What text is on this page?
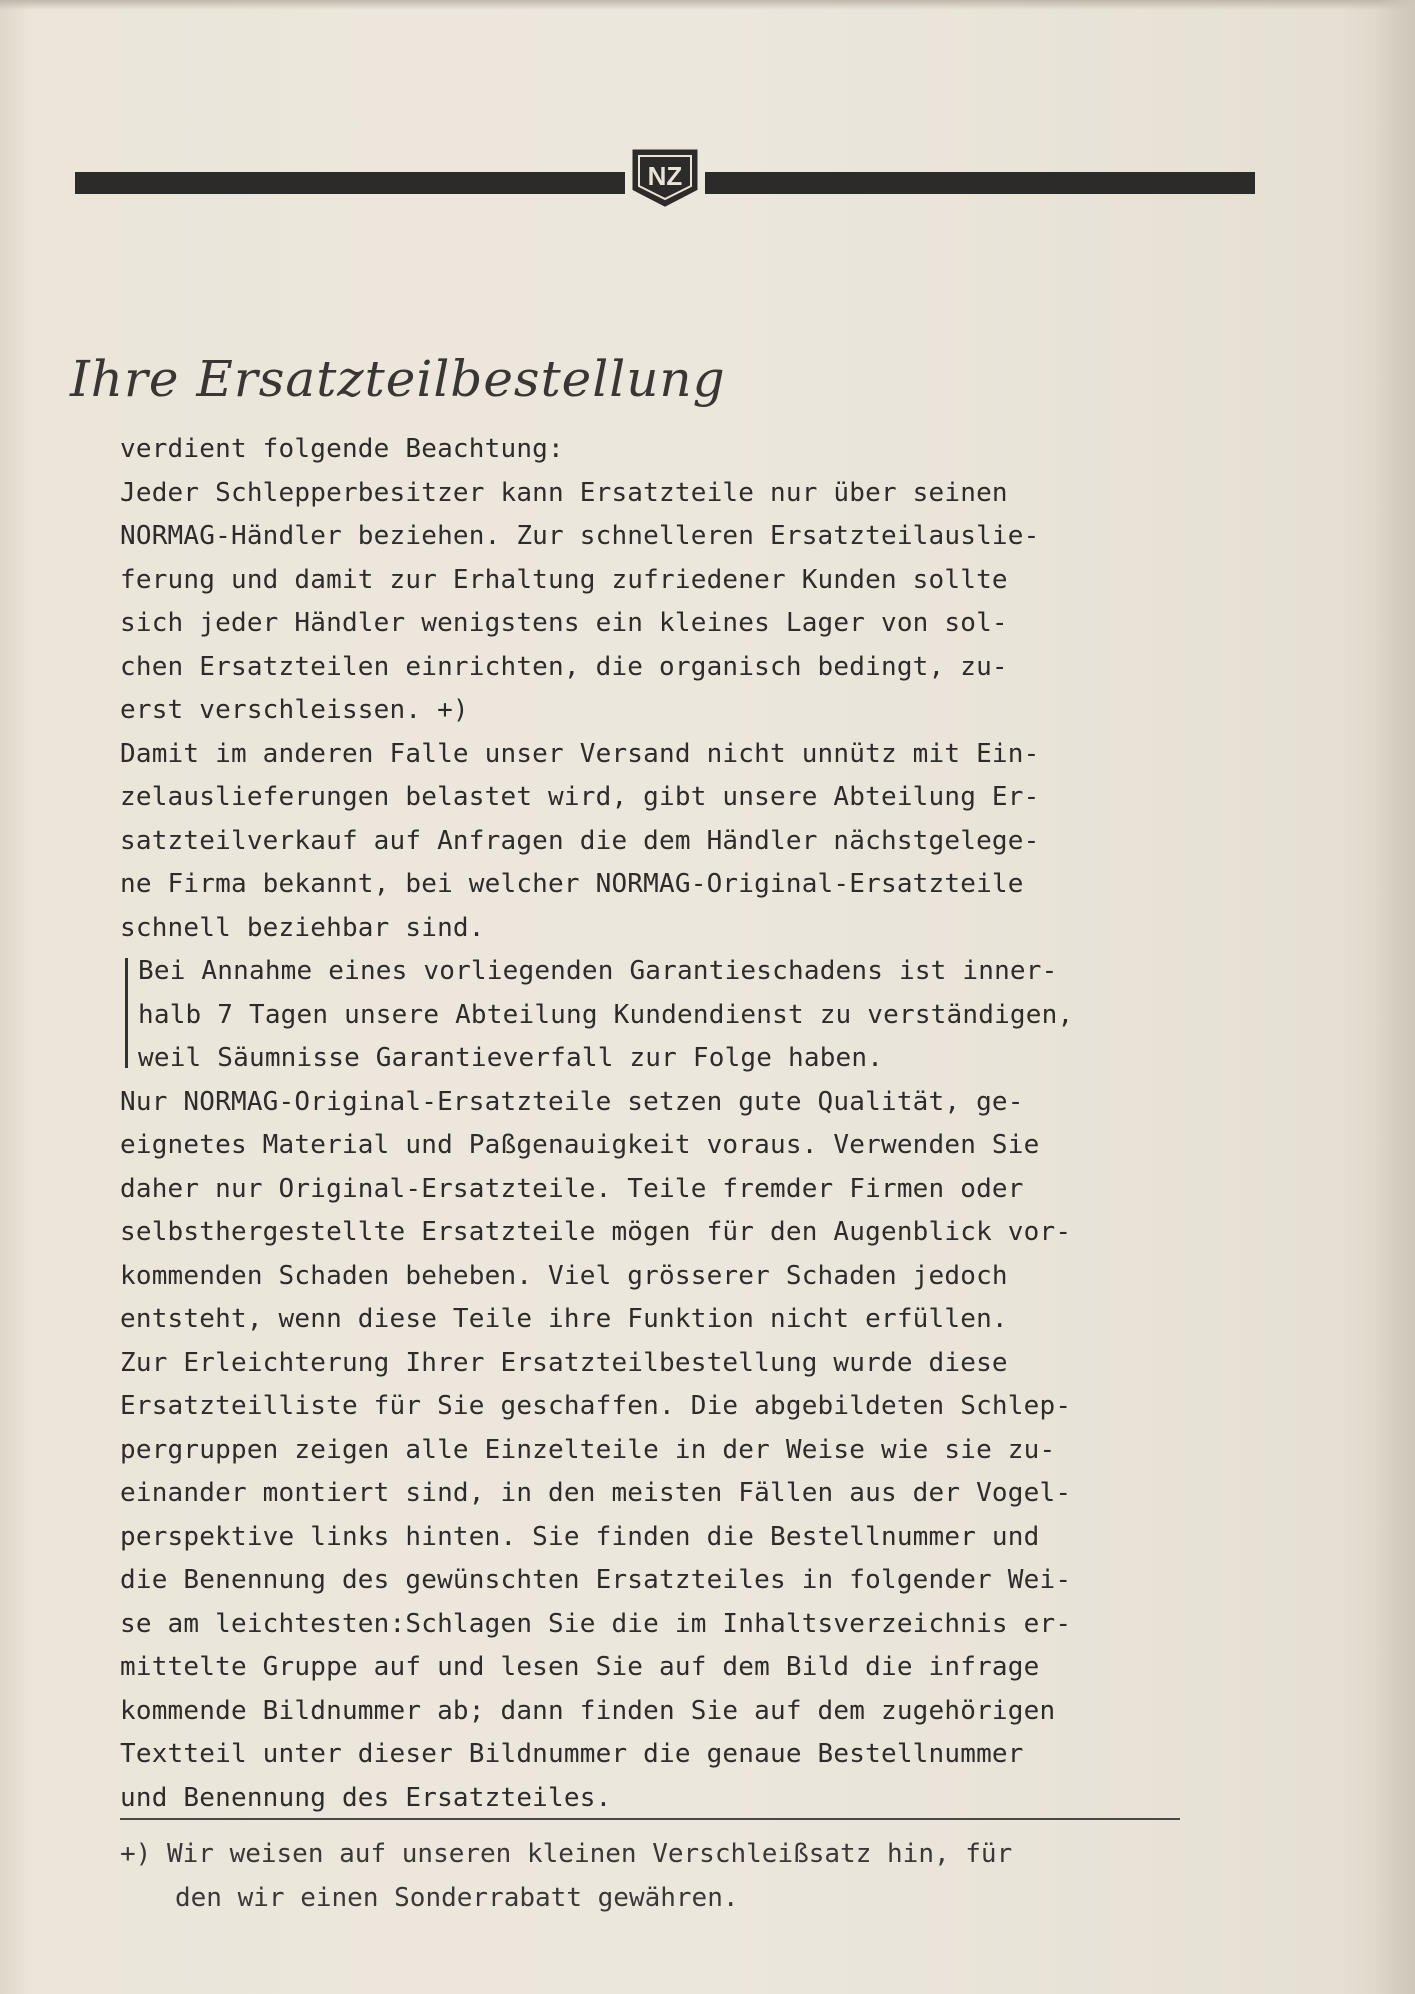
NZ
Ihre Ersatzteilbestellung
verdient folgende Beachtung:
Jeder Schlepperbesitzer kann Ersatzteile nur über seinen
NORMAG-Händler beziehen. Zur schnelleren Ersatzteilauslie-
ferung und damit zur Erhaltung zufriedener Kunden sollte
sich jeder Händler wenigstens ein kleines Lager von sol-
chen Ersatzteilen einrichten, die organisch bedingt, zu-
erst verschleissen. +)
Damit im anderen Falle unser Versand nicht unnütz mit Ein-
zelauslieferungen belastet wird, gibt unsere Abteilung Er-
satzteilverkauf auf Anfragen die dem Händler nächstgelege-
ne Firma bekannt, bei welcher NORMAG-Original-Ersatzteile
schnell beziehbar sind.
Bei Annahme eines vorliegenden Garantieschadens ist inner-
halb 7 Tagen unsere Abteilung Kundendienst zu verständigen,
weil Säumnisse Garantieverfall zur Folge haben.
Nur NORMAG-Original-Ersatzteile setzen gute Qualität, ge-
eignetes Material und Paßgenauigkeit voraus. Verwenden Sie
daher nur Original-Ersatzteile. Teile fremder Firmen oder
selbsthergestellte Ersatzteile mögen für den Augenblick vor-
kommenden Schaden beheben. Viel grösserer Schaden jedoch
entsteht, wenn diese Teile ihre Funktion nicht erfüllen.
Zur Erleichterung Ihrer Ersatzteilbestellung wurde diese
Ersatzteilliste für Sie geschaffen. Die abgebildeten Schlep-
pergruppen zeigen alle Einzelteile in der Weise wie sie zu-
einander montiert sind, in den meisten Fällen aus der Vogel-
perspektive links hinten. Sie finden die Bestellnummer und
die Benennung des gewünschten Ersatzteiles in folgender Wei-
se am leichtesten:Schlagen Sie die im Inhaltsverzeichnis er-
mittelte Gruppe auf und lesen Sie auf dem Bild die infrage
kommende Bildnummer ab; dann finden Sie auf dem zugehörigen
Textteil unter dieser Bildnummer die genaue Bestellnummer
und Benennung des Ersatzteiles.
+) Wir weisen auf unseren kleinen Verschleißsatz hin, für
den wir einen Sonderrabatt gewähren.
